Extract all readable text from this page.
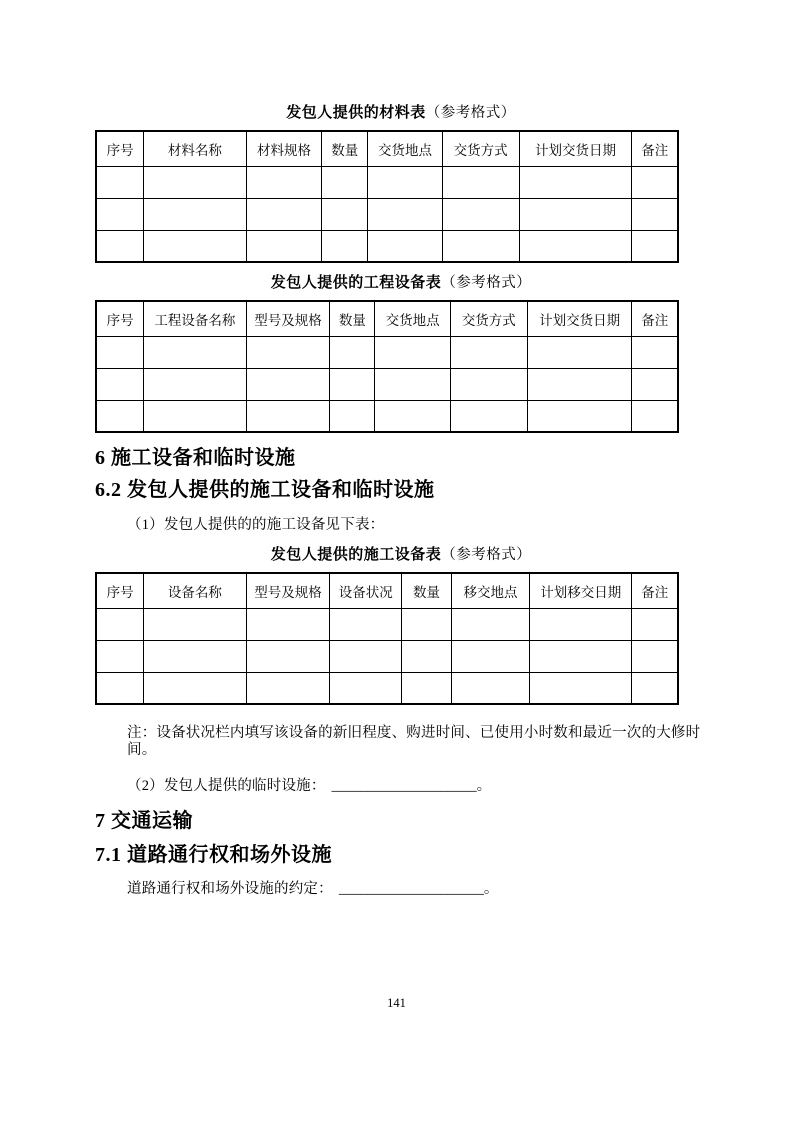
发包人提供的材料表（参考格式）
序号	材料名称	材料规格	数量	交货地点	交货方式	计划交货日期	备注

发包人提供的工程设备表（参考格式）
序号	工程设备名称	型号及规格	数量	交货地点	交货方式	计划交货日期	备注

6 施工设备和临时设施
6.2 发包人提供的施工设备和临时设施
（1）发包人提供的的施工设备见下表：
发包人提供的施工设备表（参考格式）
序号	设备名称	型号及规格	设备状况	数量	移交地点	计划移交日期	备注

注：设备状况栏内填写该设备的新旧程度、购进时间、已使用小时数和最近一次的大修时间。
（2）发包人提供的临时设施： ____________________。
7 交通运输
7.1 道路通行权和场外设施
道路通行权和场外设施的约定： ____________________。
141
